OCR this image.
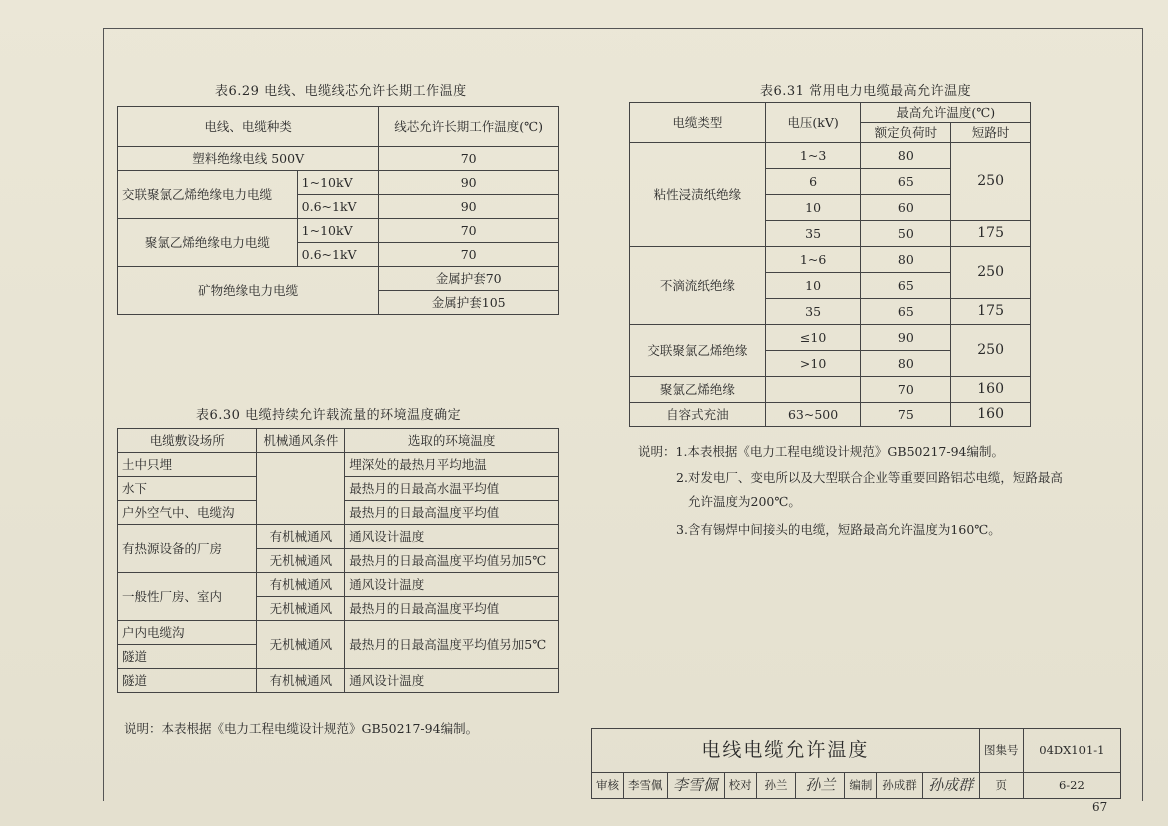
表6.29 电线、电缆线芯允许长期工作温度
电线、电缆种类		线芯允许长期工作温度(℃)
塑料绝缘电线 500V		70
交联聚氯乙烯绝缘电力电缆	1~10kV	90
	0.6~1kV	90
聚氯乙烯绝缘电力电缆	1~10kV	70
	0.6~1kV	70
矿物绝缘电力电缆		金属护套70
		金属护套105
表6.30 电缆持续允许载流量的环境温度确定
电缆敷设场所	机械通风条件	选取的环境温度
土中只埋		埋深处的最热月平均地温
水下		最热月的日最高水温平均值
户外空气中、电缆沟		最热月的日最高温度平均值
有热源设备的厂房	有机械通风	通风设计温度
	无机械通风	最热月的日最高温度平均值另加5℃
一般性厂房、室内	有机械通风	通风设计温度
	无机械通风	最热月的日最高温度平均值
户内电缆沟	无机械通风	最热月的日最高温度平均值另加5℃
隧道		
隧道	有机械通风	通风设计温度
说明：本表根据《电力工程电缆设计规范》GB50217-94编制。
表6.31 常用电力电缆最高允许温度
电缆类型	电压(kV)	最高允许温度(℃)	
		额定负荷时	短路时
粘性浸渍纸绝缘	1~3	80	250
	6	65	
	10	60	
	35	50	175
不滴流纸绝缘	1~6	80	250
	10	65	
	35	65	175
交联聚氯乙烯绝缘	≤10	90	250
	>10	80	
聚氯乙烯绝缘		70	160
自容式充油	63~500	75	160
说明：1.本表根据《电力工程电缆设计规范》GB50217-94编制。
2.对发电厂、变电所以及大型联合企业等重要回路铝芯电缆，短路最高
允许温度为200℃。
3.含有锡焊中间接头的电缆，短路最高允许温度为160℃。
电线电缆允许温度									图集号	04DX101-1
审核	李雪佩	李雪佩	校对	孙兰	孙兰	编制	孙成群	孙成群	页	6-22
67
